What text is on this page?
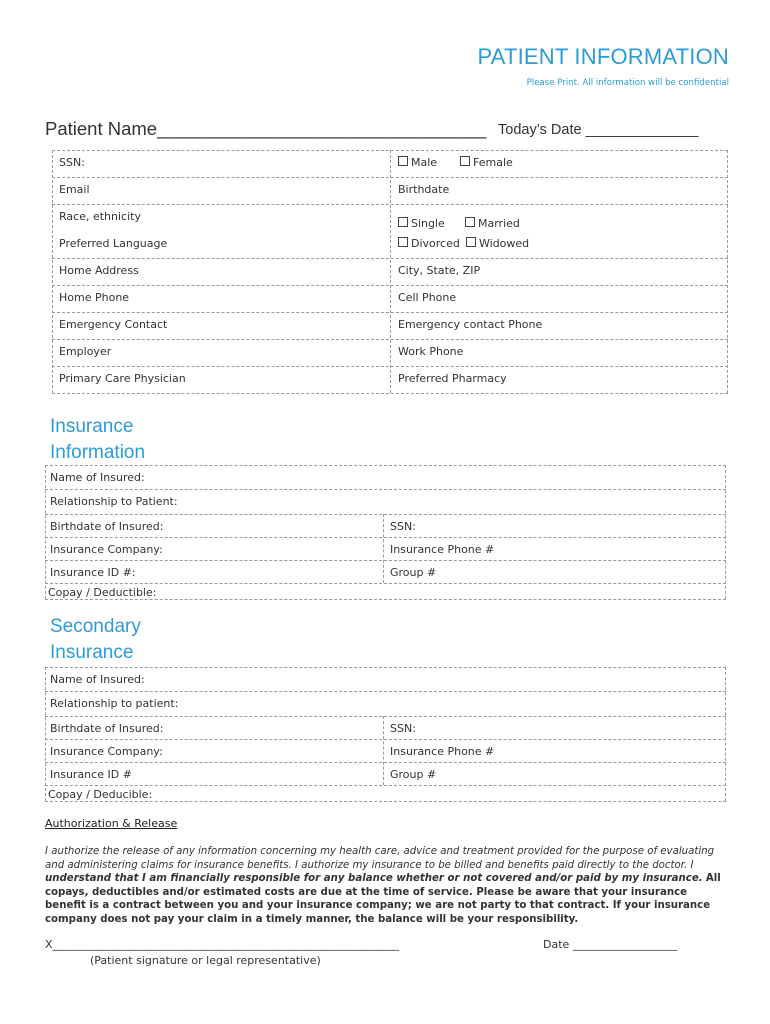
PATIENT INFORMATION
Please Print. All information will be confidential
Patient Name________________________________ Today’s Date ______________
SSN:	Male	Female
Email	Birthdate
Race, ethnicity
Preferred Language
Single	Married
Divorced	Widowed
Home Address	City, State, ZIP
Home Phone	Cell Phone
Emergency Contact	Emergency contact Phone
Employer	Work Phone
Primary Care Physician	Preferred Pharmacy
Insurance
Information
Name of Insured:
Relationship to Patient:
Birthdate of Insured:	SSN:
Insurance Company:	Insurance Phone #
Insurance ID #:	Group #
Copay / Deductible:
Secondary
Insurance
Name of Insured:
Relationship to patient:
Birthdate of Insured:	SSN:
Insurance Company:	Insurance Phone #
Insurance ID #	Group #
Copay / Deducible:
Authorization & Release
I authorize the release of any information concerning my health care, advice and treatment provided for the purpose of evaluating and administering claims for insurance benefits. I authorize my insurance to be billed and benefits paid directly to the doctor. I understand that I am financially responsible for any balance whether or not covered and/or paid by my insurance. All copays, deductibles and/or estimated costs are due at the time of service. Please be aware that your insurance benefit is a contract between you and your insurance company; we are not party to that contract. If your insurance company does not pay your claim in a timely manner, the balance will be your responsibility.
X_______________________________________________________________	Date ___________________
(Patient signature or legal representative)
